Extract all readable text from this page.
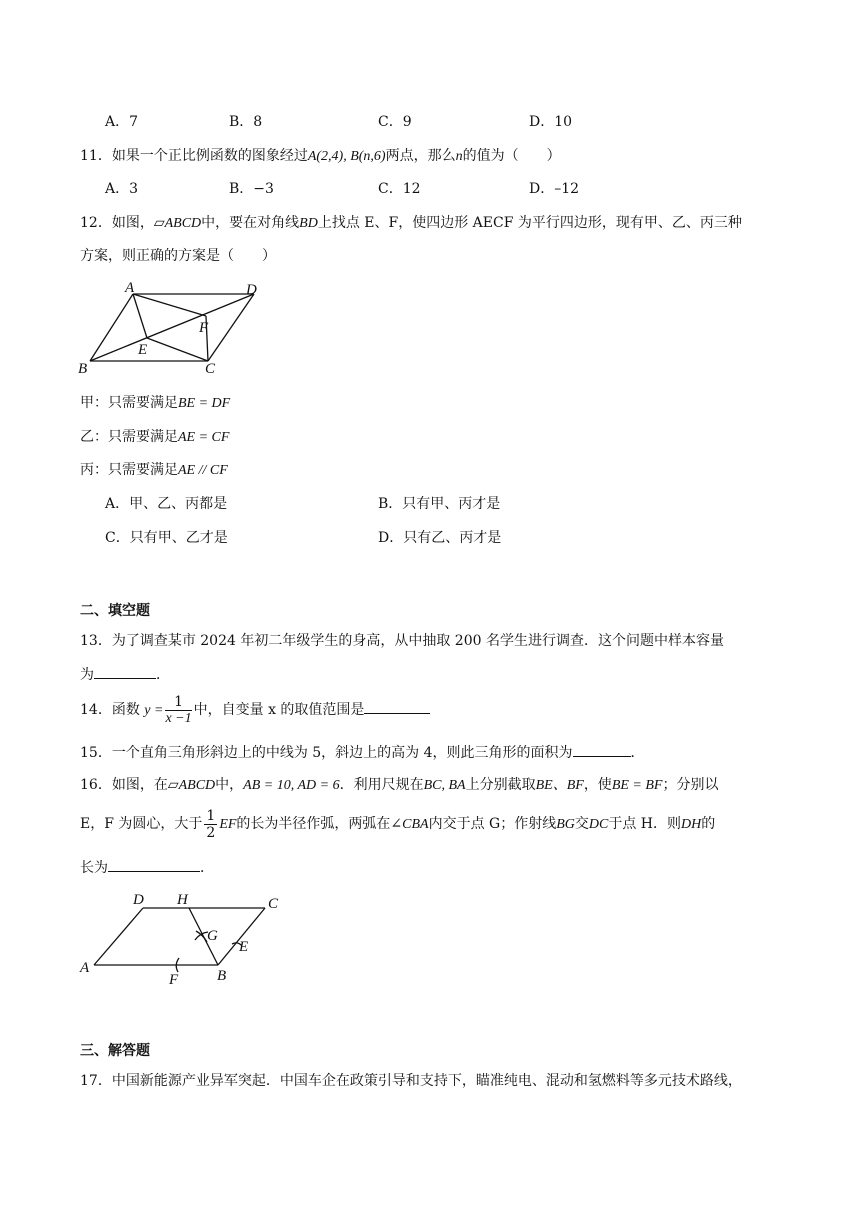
A．7	B．8	C．9	D．10
11．如果一个正比例函数的图象经过A(2,4), B(n,6)两点，那么n的值为（　　）
A．3	B．−3	C．12	D．–12
12．如图，▱ABCD中，要在对角线BD上找点 E、F，使四边形 AECF 为平行四边形，现有甲、乙、丙三种
方案，则正确的方案是（　　）
A	D
F
E
B	C
甲：只需要满足BE = DF
乙：只需要满足AE = CF
丙：只需要满足AE // CF
A．甲、乙、丙都是	B．只有甲、丙才是
C．只有甲、乙才是	D．只有乙、丙才是
二、填空题
13．为了调查某市 2024 年初二年级学生的身高，从中抽取 200 名学生进行调查．这个问题中样本容量
为	．
14．函数 $y = \frac{1}{x -1}$ 中，自变量 x 的取值范围是
15．一个直角三角形斜边上的中线为 5，斜边上的高为 4，则此三角形的面积为	．
16．如图，在▱ABCD中，AB = 10, AD = 6．利用尺规在BC, BA上分别截取BE、BF，使BE = BF；分别以
E，F 为圆心，大于 $\frac{1}{2}$ EF的长为半径作弧，两弧在∠CBA内交于点 G；作射线BG交DC于点 H．则DH的
长为	．
D H	C
G
E
A
F	B
三、解答题
17．中国新能源产业异军突起．中国车企在政策引导和支持下，瞄准纯电、混动和氢燃料等多元技术路线，
